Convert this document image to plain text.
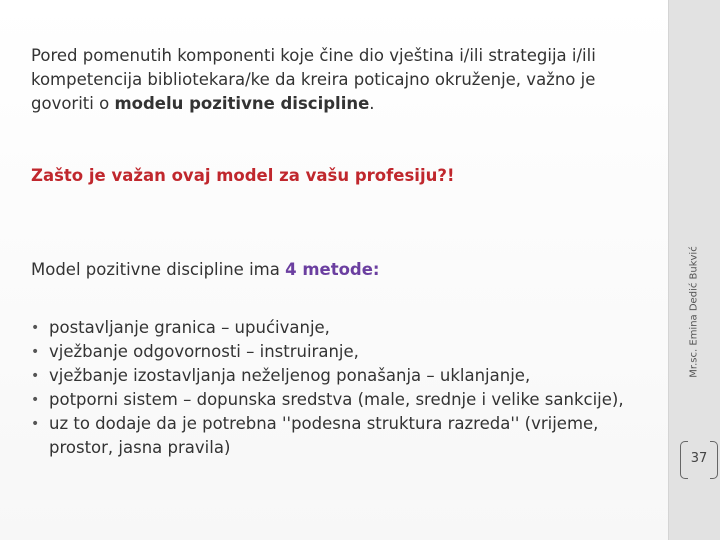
Pored pomenutih komponenti koje čine dio vještina i/ili strategija i/ili kompetencija bibliotekara/ke da kreira poticajno okruženje, važno je govoriti o modelu pozitivne discipline.
Zašto je važan ovaj model za vašu profesiju?!
Model pozitivne discipline ima 4 metode:
• postavljanje granica – upućivanje,
• vježbanje odgovornosti – instruiranje,
• vježbanje izostavljanja neželjenog ponašanja – uklanjanje,
• potporni sistem – dopunska sredstva (male, srednje i velike sankcije),
• uz to dodaje da je potrebna ''podesna struktura razreda'' (vrijeme, prostor, jasna pravila)
Mr.sc. Emina Dedić Bukvić
37
